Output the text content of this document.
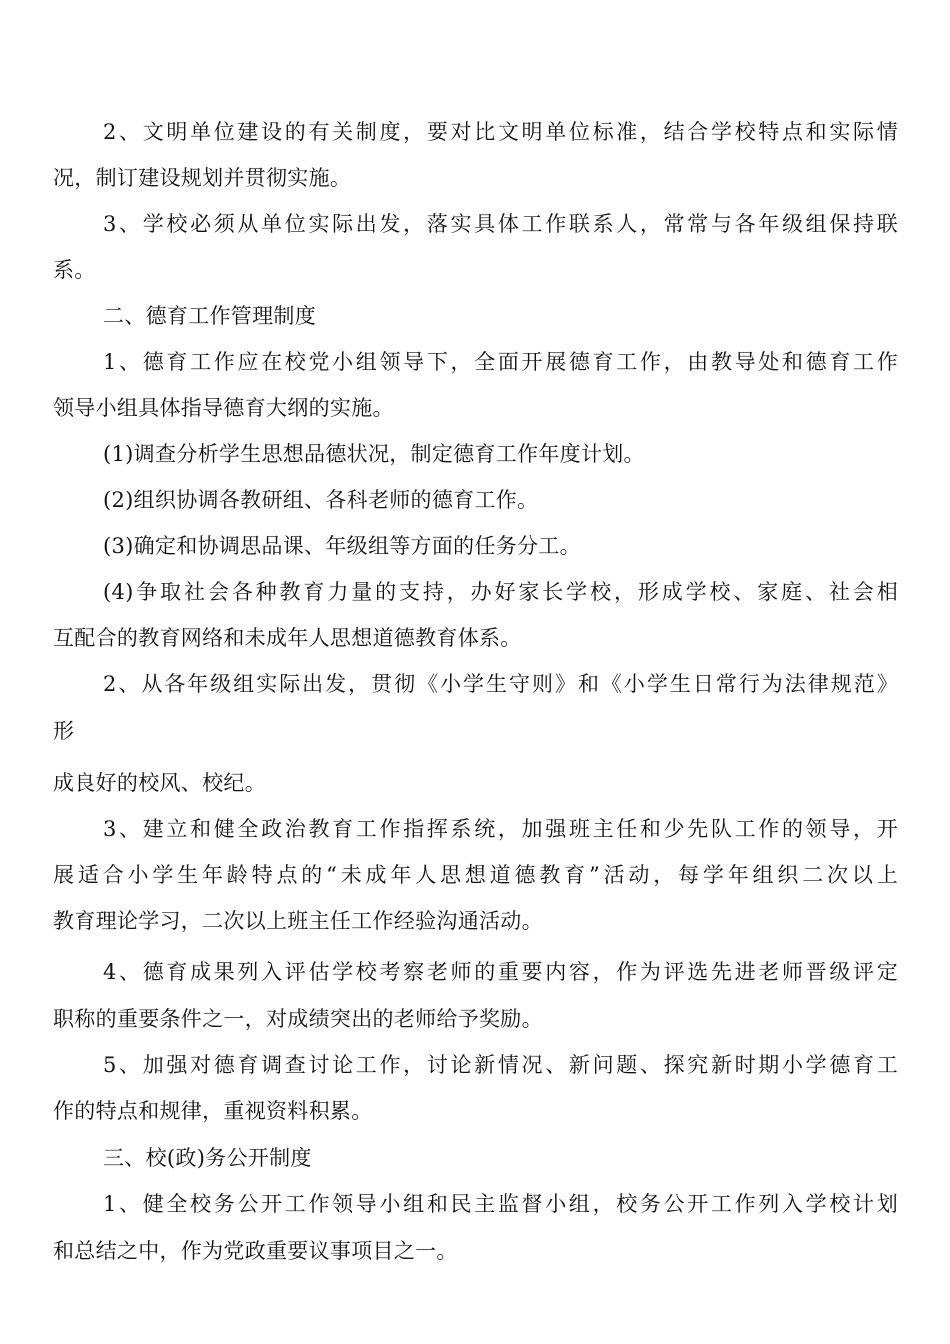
2、文明单位建设的有关制度，要对比文明单位标准，结合学校特点和实际情
况，制订建设规划并贯彻实施。
3、学校必须从单位实际出发，落实具体工作联系人，常常与各年级组保持联
系。
二、德育工作管理制度
1、德育工作应在校党小组领导下，全面开展德育工作，由教导处和德育工作
领导小组具体指导德育大纲的实施。
(1)调查分析学生思想品德状况，制定德育工作年度计划。
(2)组织协调各教研组、各科老师的德育工作。
(3)确定和协调思品课、年级组等方面的任务分工。
(4)争取社会各种教育力量的支持，办好家长学校，形成学校、家庭、社会相
互配合的教育网络和未成年人思想道德教育体系。
2、从各年级组实际出发，贯彻《小学生守则》和《小学生日常行为法律规范》
形
成良好的校风、校纪。
3、建立和健全政治教育工作指挥系统，加强班主任和少先队工作的领导，开
展适合小学生年龄特点的“未成年人思想道德教育”活动，每学年组织二次以上
教育理论学习，二次以上班主任工作经验沟通活动。
4、德育成果列入评估学校考察老师的重要内容，作为评选先进老师晋级评定
职称的重要条件之一，对成绩突出的老师给予奖励。
5、加强对德育调查讨论工作，讨论新情况、新问题、探究新时期小学德育工
作的特点和规律，重视资料积累。
三、校(政)务公开制度
1、健全校务公开工作领导小组和民主监督小组，校务公开工作列入学校计划
和总结之中，作为党政重要议事项目之一。
